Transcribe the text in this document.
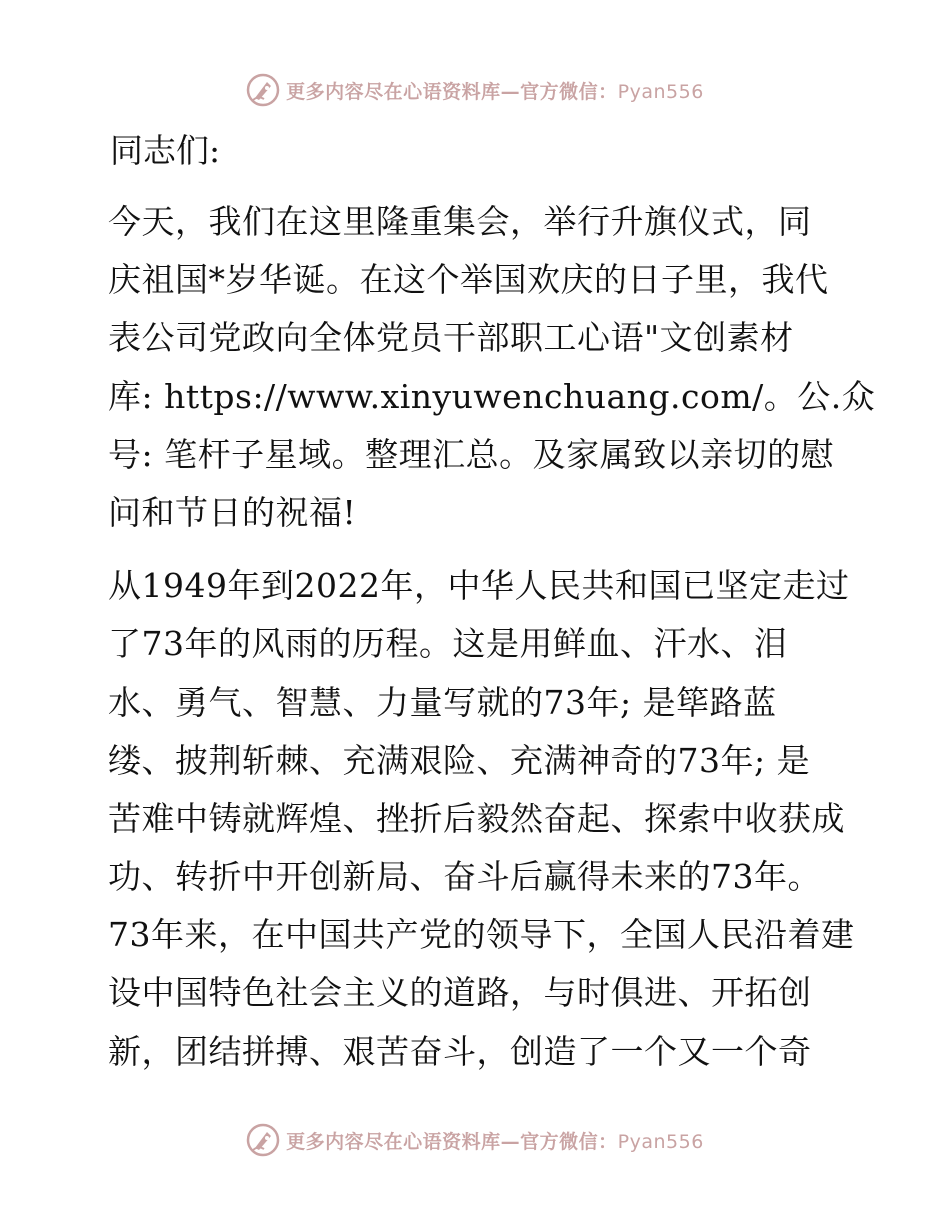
更多内容尽在心语资料库—官方微信：Pyan556

同志们:

今天，我们在这里隆重集会，举行升旗仪式，同
庆祖国*岁华诞。在这个举国欢庆的日子里，我代
表公司党政向全体党员干部职工心语"文创素材
库: https://www.xinyuwenchuang.com/。公.众
号: 笔杆子星域。整理汇总。及家属致以亲切的慰
问和节日的祝福!

从1949年到2022年，中华人民共和国已坚定走过
了73年的风雨的历程。这是用鲜血、汗水、泪
水、勇气、智慧、力量写就的73年; 是筚路蓝
缕、披荆斩棘、充满艰险、充满神奇的73年; 是
苦难中铸就辉煌、挫折后毅然奋起、探索中收获成
功、转折中开创新局、奋斗后赢得未来的73年。
73年来，在中国共产党的领导下，全国人民沿着建
设中国特色社会主义的道路，与时俱进、开拓创
新，团结拼搏、艰苦奋斗，创造了一个又一个奇

更多内容尽在心语资料库—官方微信：Pyan556
